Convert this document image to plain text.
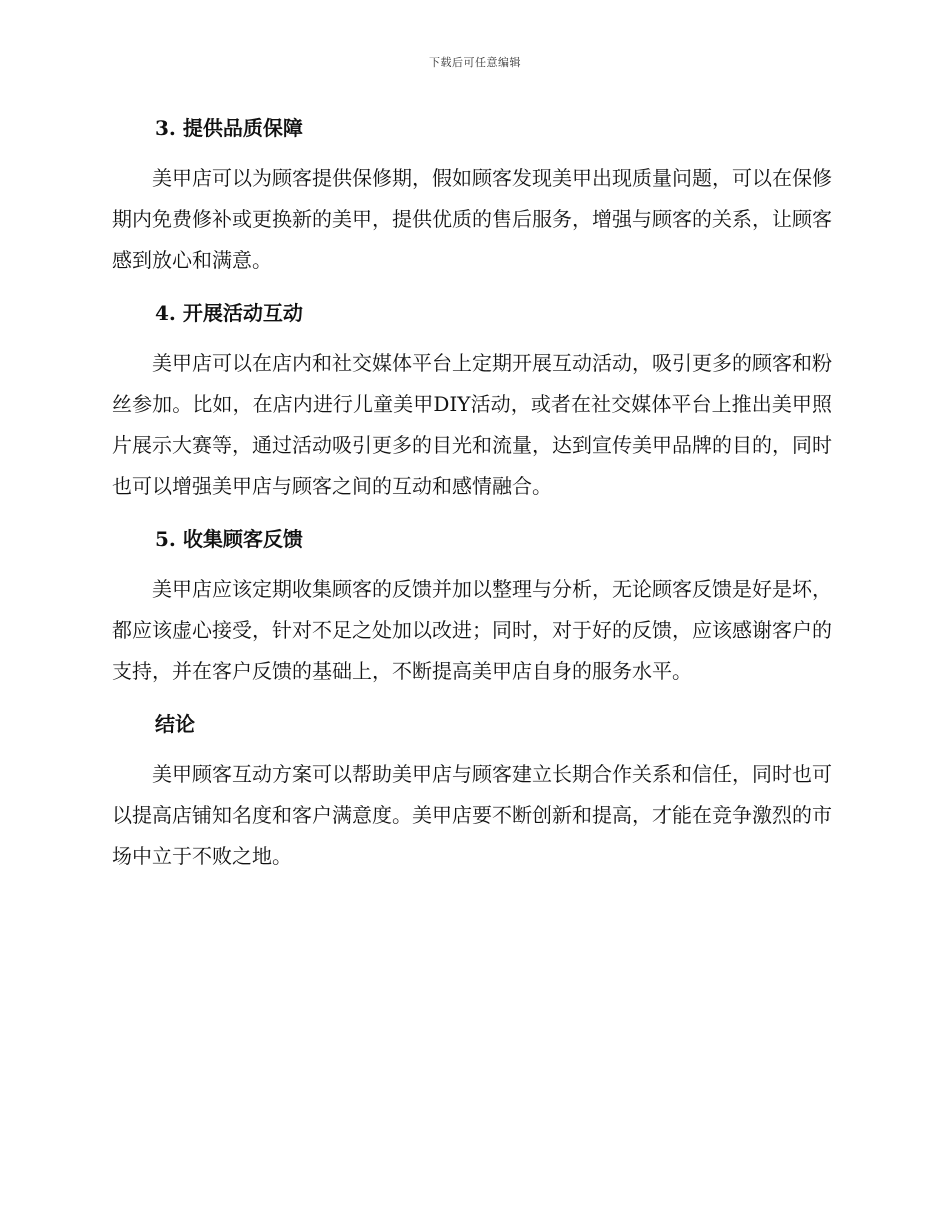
下载后可任意编辑
3. 提供品质保障

美甲店可以为顾客提供保修期，假如顾客发现美甲出现质量问题，可以在保修期内免费修补或更换新的美甲，提供优质的售后服务，增强与顾客的关系，让顾客感到放心和满意。

4. 开展活动互动

美甲店可以在店内和社交媒体平台上定期开展互动活动，吸引更多的顾客和粉丝参加。比如，在店内进行儿童美甲DIY活动，或者在社交媒体平台上推出美甲照片展示大赛等，通过活动吸引更多的目光和流量，达到宣传美甲品牌的目的，同时也可以增强美甲店与顾客之间的互动和感情融合。

5. 收集顾客反馈

美甲店应该定期收集顾客的反馈并加以整理与分析，无论顾客反馈是好是坏，都应该虚心接受，针对不足之处加以改进；同时，对于好的反馈，应该感谢客户的支持，并在客户反馈的基础上，不断提高美甲店自身的服务水平。

结论

美甲顾客互动方案可以帮助美甲店与顾客建立长期合作关系和信任，同时也可以提高店铺知名度和客户满意度。美甲店要不断创新和提高，才能在竞争激烈的市场中立于不败之地。
